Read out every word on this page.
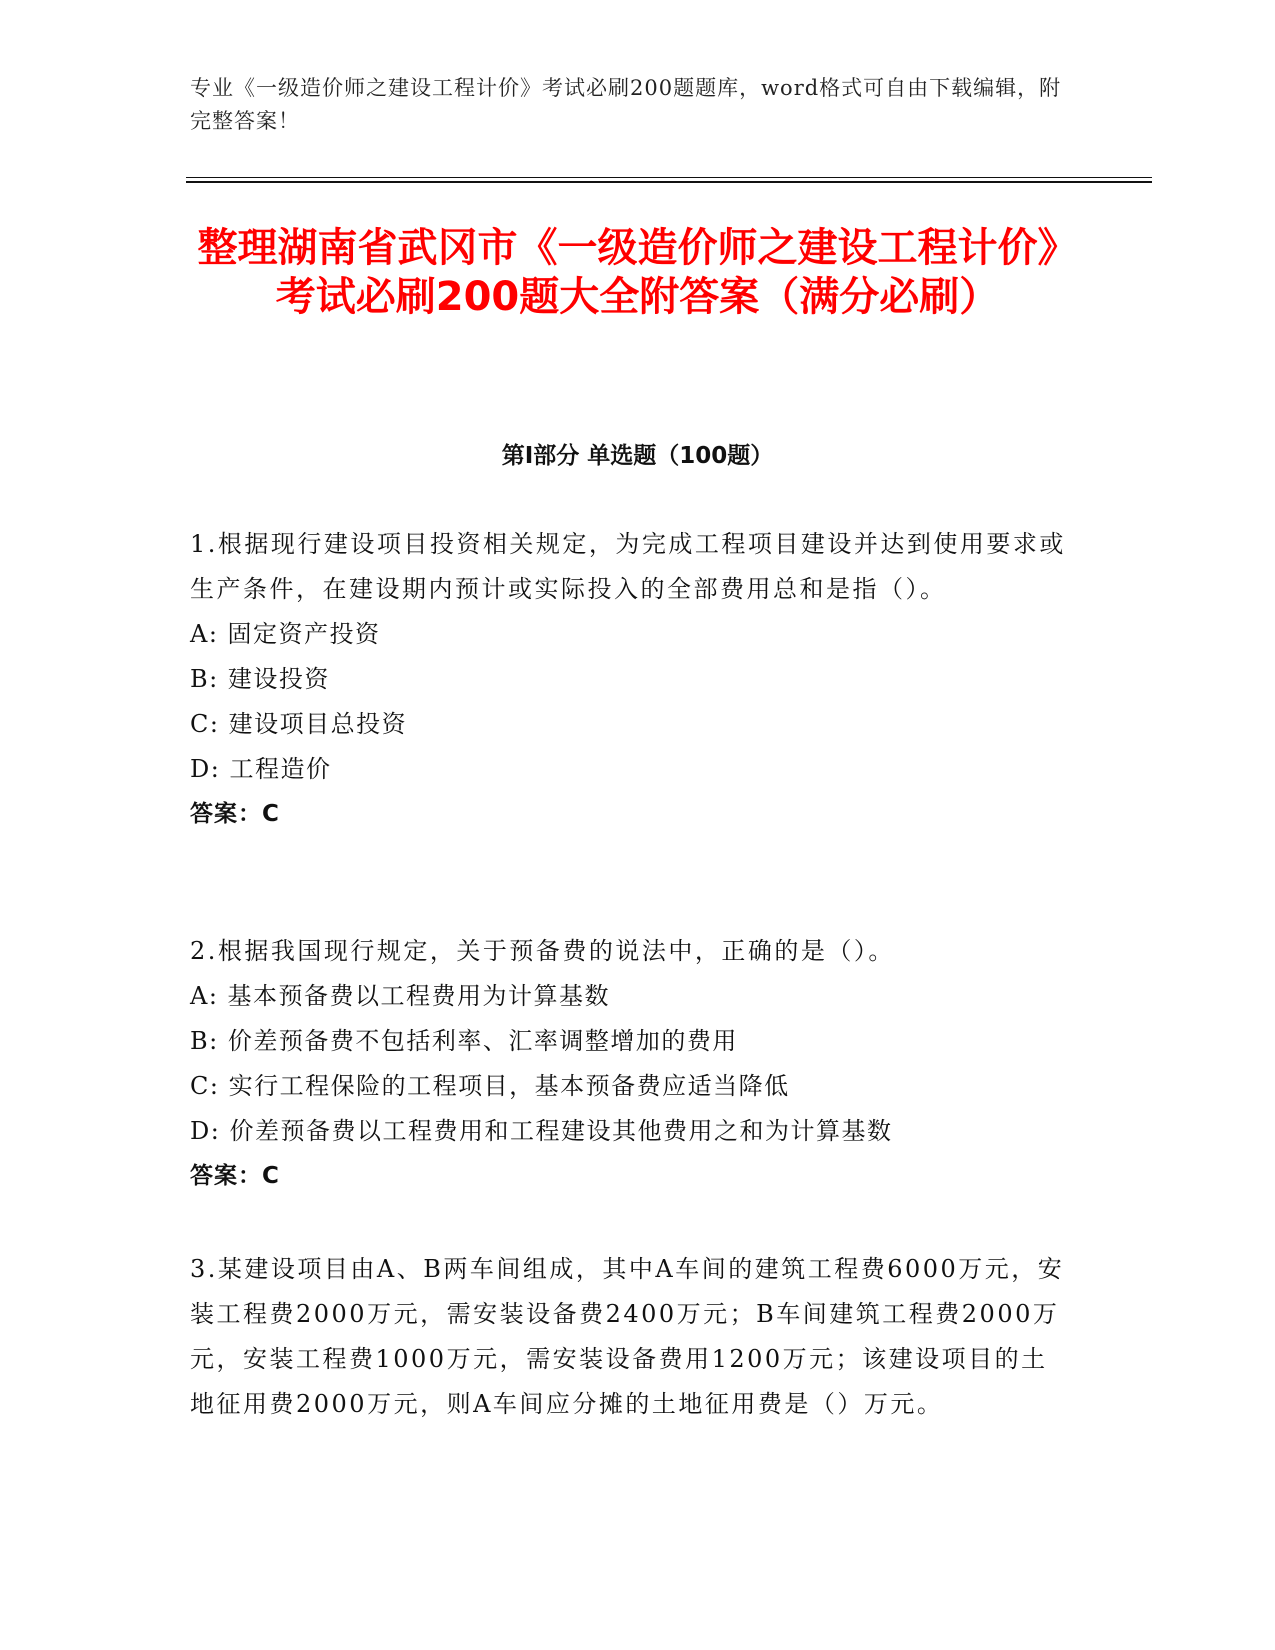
专业《一级造价师之建设工程计价》考试必刷200题题库，word格式可自由下载编辑，附完整答案！
整理湖南省武冈市《一级造价师之建设工程计价》考试必刷200题大全附答案（满分必刷）
第I部分 单选题（100题）

1.根据现行建设项目投资相关规定，为完成工程项目建设并达到使用要求或生产条件，在建设期内预计或实际投入的全部费用总和是指（）。

A: 固定资产投资
B: 建设投资
C: 建设项目总投资
D: 工程造价
答案：C

2.根据我国现行规定，关于预备费的说法中，正确的是（）。

A: 基本预备费以工程费用为计算基数
B: 价差预备费不包括利率、汇率调整增加的费用
C: 实行工程保险的工程项目，基本预备费应适当降低
D: 价差预备费以工程费用和工程建设其他费用之和为计算基数
答案：C

3.某建设项目由A、B两车间组成，其中A车间的建筑工程费6000万元，安装工程费2000万元，需安装设备费2400万元；B车间建筑工程费2000万元，安装工程费1000万元，需安装设备费用1200万元；该建设项目的土地征用费2000万元，则A车间应分摊的土地征用费是（）万元。
